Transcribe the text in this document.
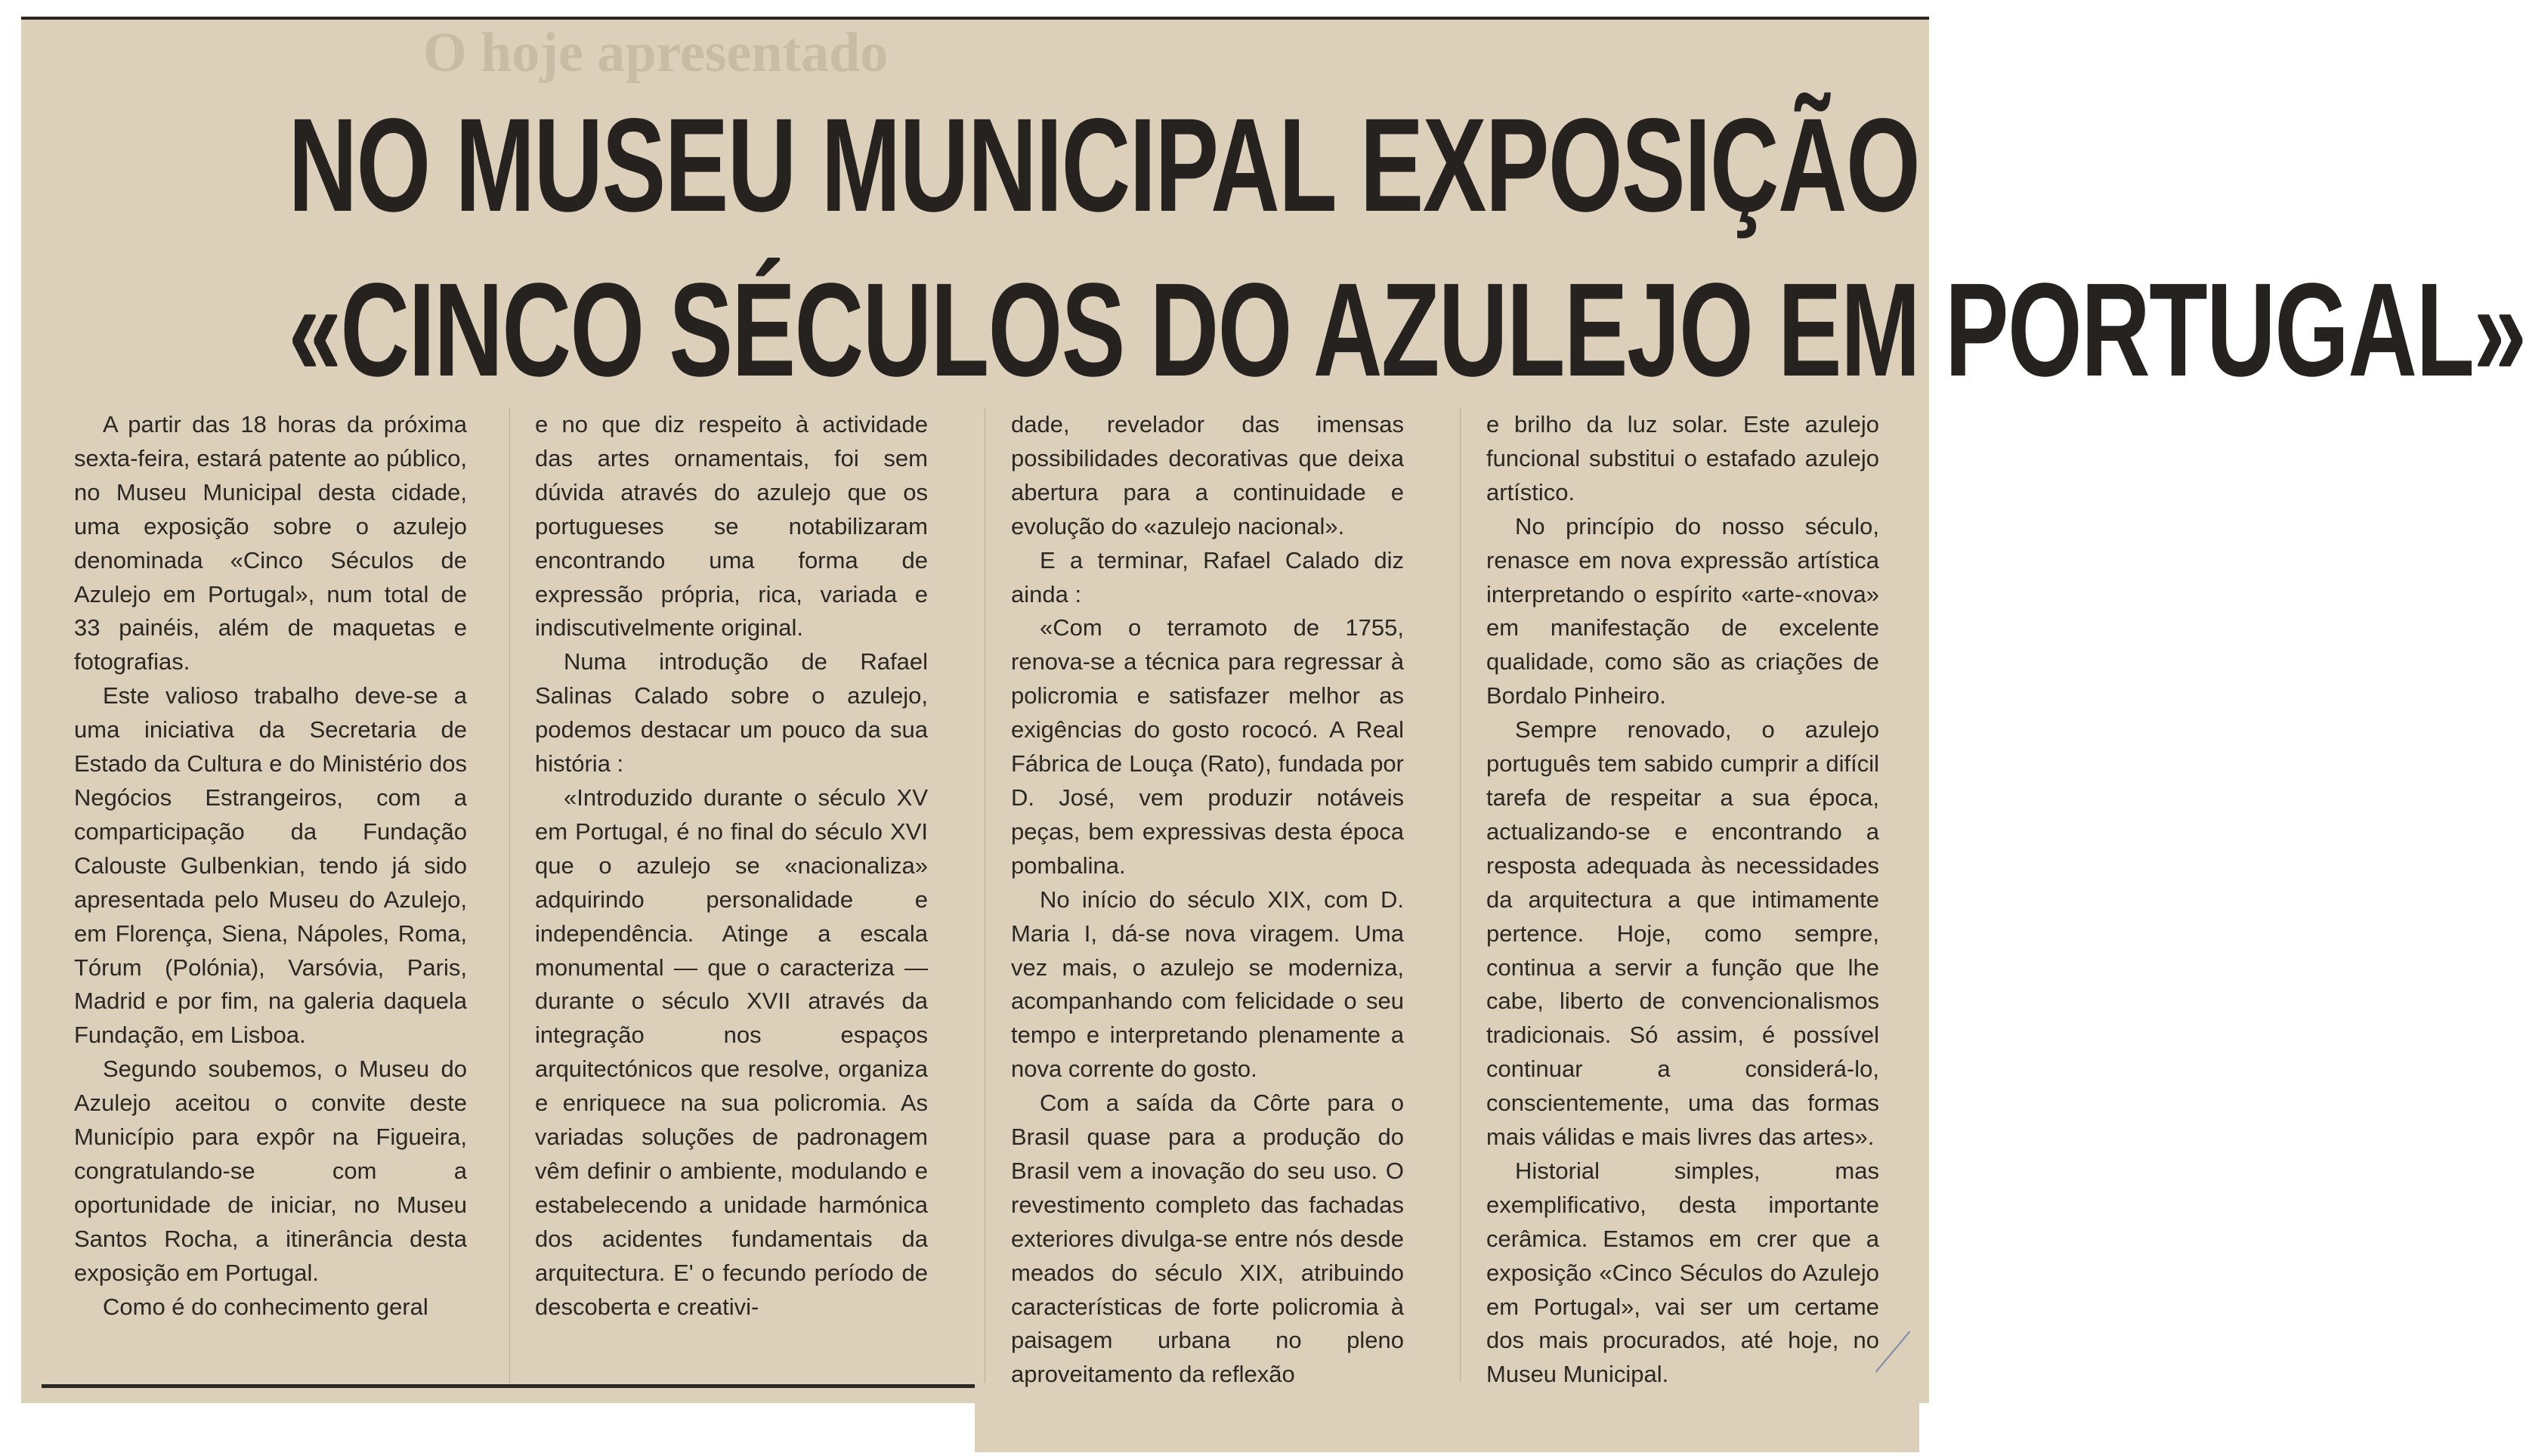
O hoje apresentado
NO MUSEU MUNICIPAL EXPOSIÇÃO
«CINCO SÉCULOS DO AZULEJO EM PORTUGAL»

A partir das 18 horas da próxima sexta-feira, estará patente ao público, no Museu Municipal desta cidade, uma exposição sobre o azulejo denominada «Cinco Séculos de Azulejo em Portugal», num total de 33 painéis, além de maquetas e fotografias.

Este valioso trabalho deve-se a uma iniciativa da Secretaria de Estado da Cultura e do Ministério dos Negócios Estrangeiros, com a comparticipação da Fundação Calouste Gulbenkian, tendo já sido apresentada pelo Museu do Azulejo, em Florença, Siena, Nápoles, Roma, Tórum (Polónia), Varsóvia, Paris, Madrid e por fim, na galeria daquela Fundação, em Lisboa.

Segundo soubemos, o Museu do Azulejo aceitou o convite deste Município para expôr na Figueira, congratulando-se com a oportunidade de iniciar, no Museu Santos Rocha, a itinerância desta exposição em Portugal.

Como é do conhecimento geral

e no que diz respeito à actividade das artes ornamentais, foi sem dúvida através do azulejo que os portugueses se notabilizaram encontrando uma forma de expressão própria, rica, variada e indiscutivelmente original.

Numa introdução de Rafael Salinas Calado sobre o azulejo, podemos destacar um pouco da sua história :

«Introduzido durante o século XV em Portugal, é no final do século XVI que o azulejo se «nacionaliza» adquirindo personalidade e independência. Atinge a escala monumental — que o caracteriza — durante o século XVII através da integração nos espaços arquitectónicos que resolve, organiza e enriquece na sua policromia. As variadas soluções de padronagem vêm definir o ambiente, modulando e estabelecendo a unidade harmónica dos acidentes fundamentais da arquitectura. E' o fecundo período de descoberta e creativi-

dade, revelador das imensas possibilidades decorativas que deixa abertura para a continuidade e evolução do «azulejo nacional».

E a terminar, Rafael Calado diz ainda :

«Com o terramoto de 1755, renova-se a técnica para regressar à policromia e satisfazer melhor as exigências do gosto rococó. A Real Fábrica de Louça (Rato), fundada por D. José, vem produzir notáveis peças, bem expressivas desta época pombalina.

No início do século XIX, com D. Maria I, dá-se nova viragem. Uma vez mais, o azulejo se moderniza, acompanhando com felicidade o seu tempo e interpretando plenamente a nova corrente do gosto.

Com a saída da Côrte para o Brasil quase para a produção do Brasil vem a inovação do seu uso. O revestimento completo das fachadas exteriores divulga-se entre nós desde meados do século XIX, atribuindo características de forte policromia à paisagem urbana no pleno aproveitamento da reflexão

e brilho da luz solar. Este azulejo funcional substitui o estafado azulejo artístico.

No princípio do nosso século, renasce em nova expressão artística interpretando o espírito «arte-«nova» em manifestação de excelente qualidade, como são as criações de Bordalo Pinheiro.

Sempre renovado, o azulejo português tem sabido cumprir a difícil tarefa de respeitar a sua época, actualizando-se e encontrando a resposta adequada às necessidades da arquitectura a que intimamente pertence. Hoje, como sempre, continua a servir a função que lhe cabe, liberto de convencionalismos tradicionais. Só assim, é possível continuar a considerá-lo, conscientemente, uma das formas mais válidas e mais livres das artes».

Historial simples, mas exemplificativo, desta importante cerâmica. Estamos em crer que a exposição «Cinco Séculos do Azulejo em Portugal», vai ser um certame dos mais procurados, até hoje, no Museu Municipal.
